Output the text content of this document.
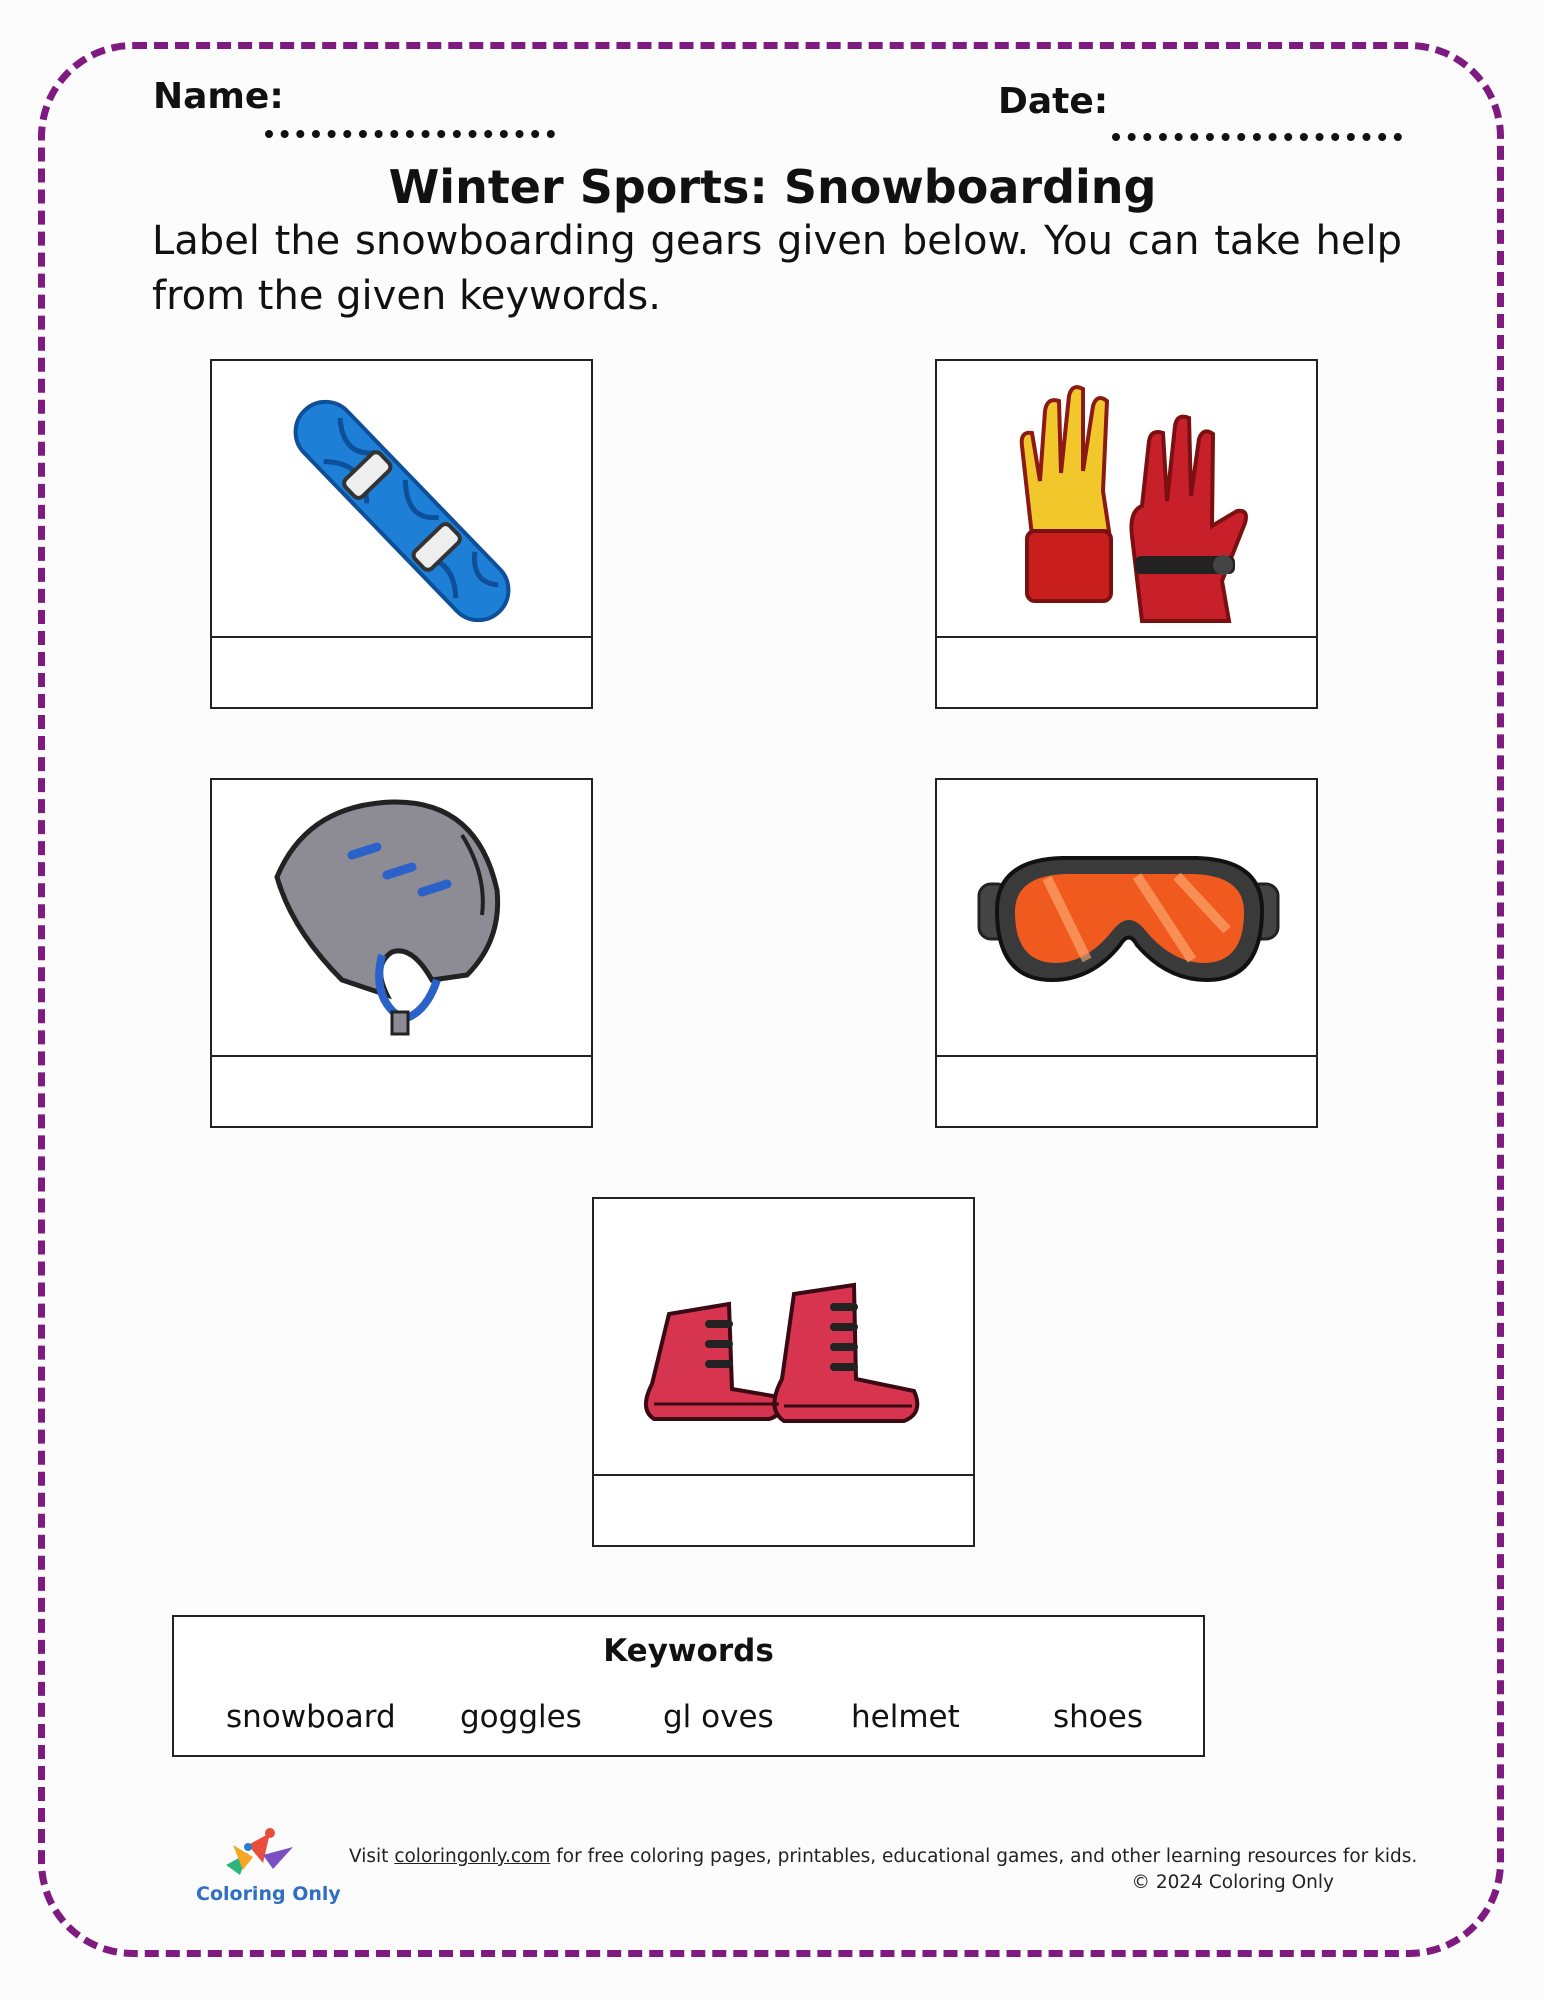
Name:	Date:
Winter Sports: Snowboarding
Label the snowboarding gears given below. You can take help from the given keywords.
Keywords
snowboard goggles	gl oves helmet	shoes
Coloring Only
Visit coloringonly.com for free coloring pages, printables, educational games, and other learning resources for kids.
© 2024 Coloring Only
